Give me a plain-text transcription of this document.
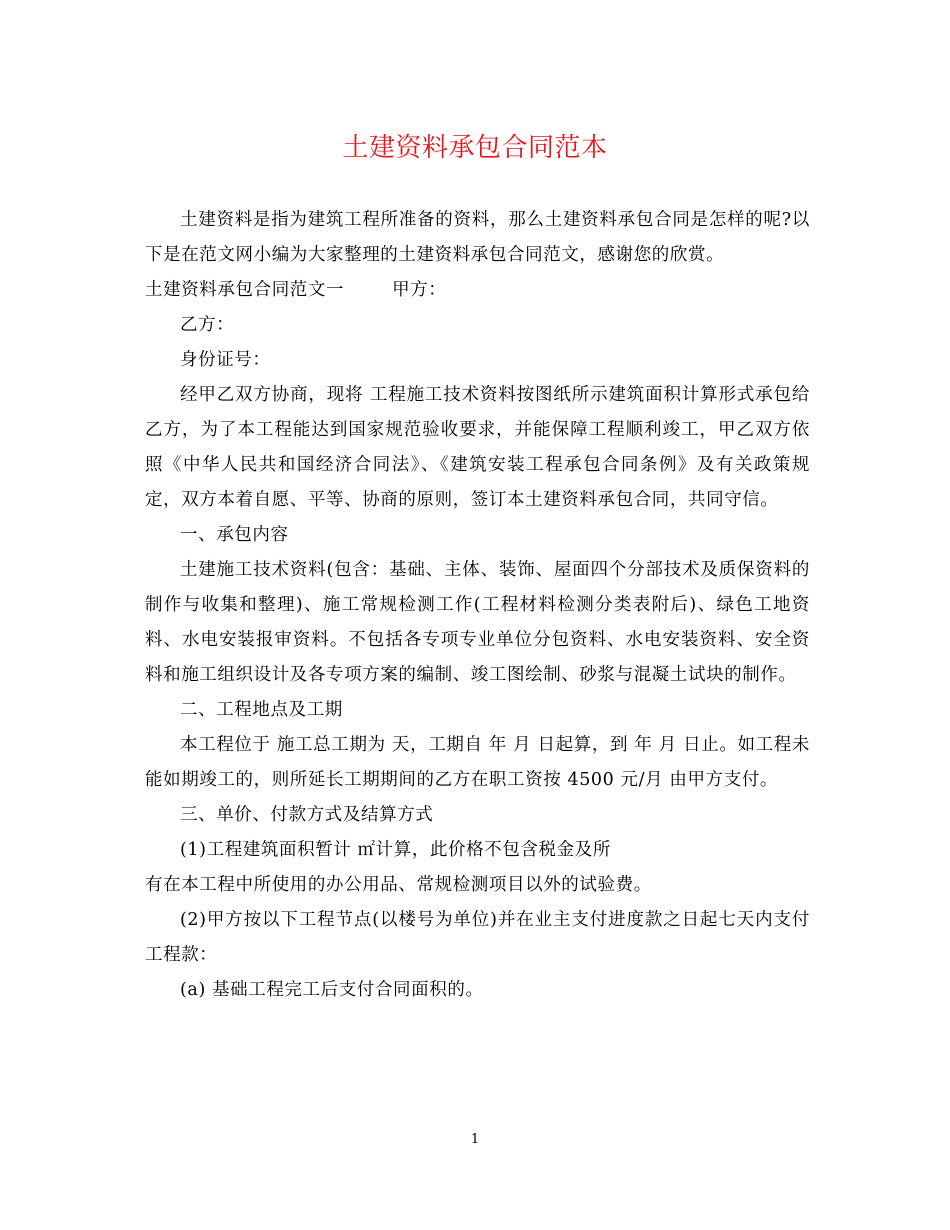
土建资料承包合同范本

土建资料是指为建筑工程所准备的资料，那么土建资料承包合同是怎样的呢?以下是在范文网小编为大家整理的土建资料承包合同范文，感谢您的欣赏。

土建资料承包合同范文一	甲方：

乙方：

身份证号：

经甲乙双方协商，现将 工程施工技术资料按图纸所示建筑面积计算形式承包给乙方，为了本工程能达到国家规范验收要求，并能保障工程顺利竣工，甲乙双方依照《中华人民共和国经济合同法》、《建筑安装工程承包合同条例》及有关政策规定，双方本着自愿、平等、协商的原则，签订本土建资料承包合同，共同守信。

一、承包内容

土建施工技术资料(包含：基础、主体、装饰、屋面四个分部技术及质保资料的制作与收集和整理)、施工常规检测工作(工程材料检测分类表附后)、绿色工地资料、水电安装报审资料。不包括各专项专业单位分包资料、水电安装资料、安全资料和施工组织设计及各专项方案的编制、竣工图绘制、砂浆与混凝土试块的制作。

二、工程地点及工期

本工程位于 施工总工期为 天，工期自 年 月 日起算，到 年 月 日止。如工程未能如期竣工的，则所延长工期期间的乙方在职工资按 4500 元/月 由甲方支付。

三、单价、付款方式及结算方式

(1)工程建筑面积暂计 ㎡计算，此价格不包含税金及所

有在本工程中所使用的办公用品、常规检测项目以外的试验费。

(2)甲方按以下工程节点(以楼号为单位)并在业主支付进度款之日起七天内支付工程款：

(a) 基础工程完工后支付合同面积的。

1
